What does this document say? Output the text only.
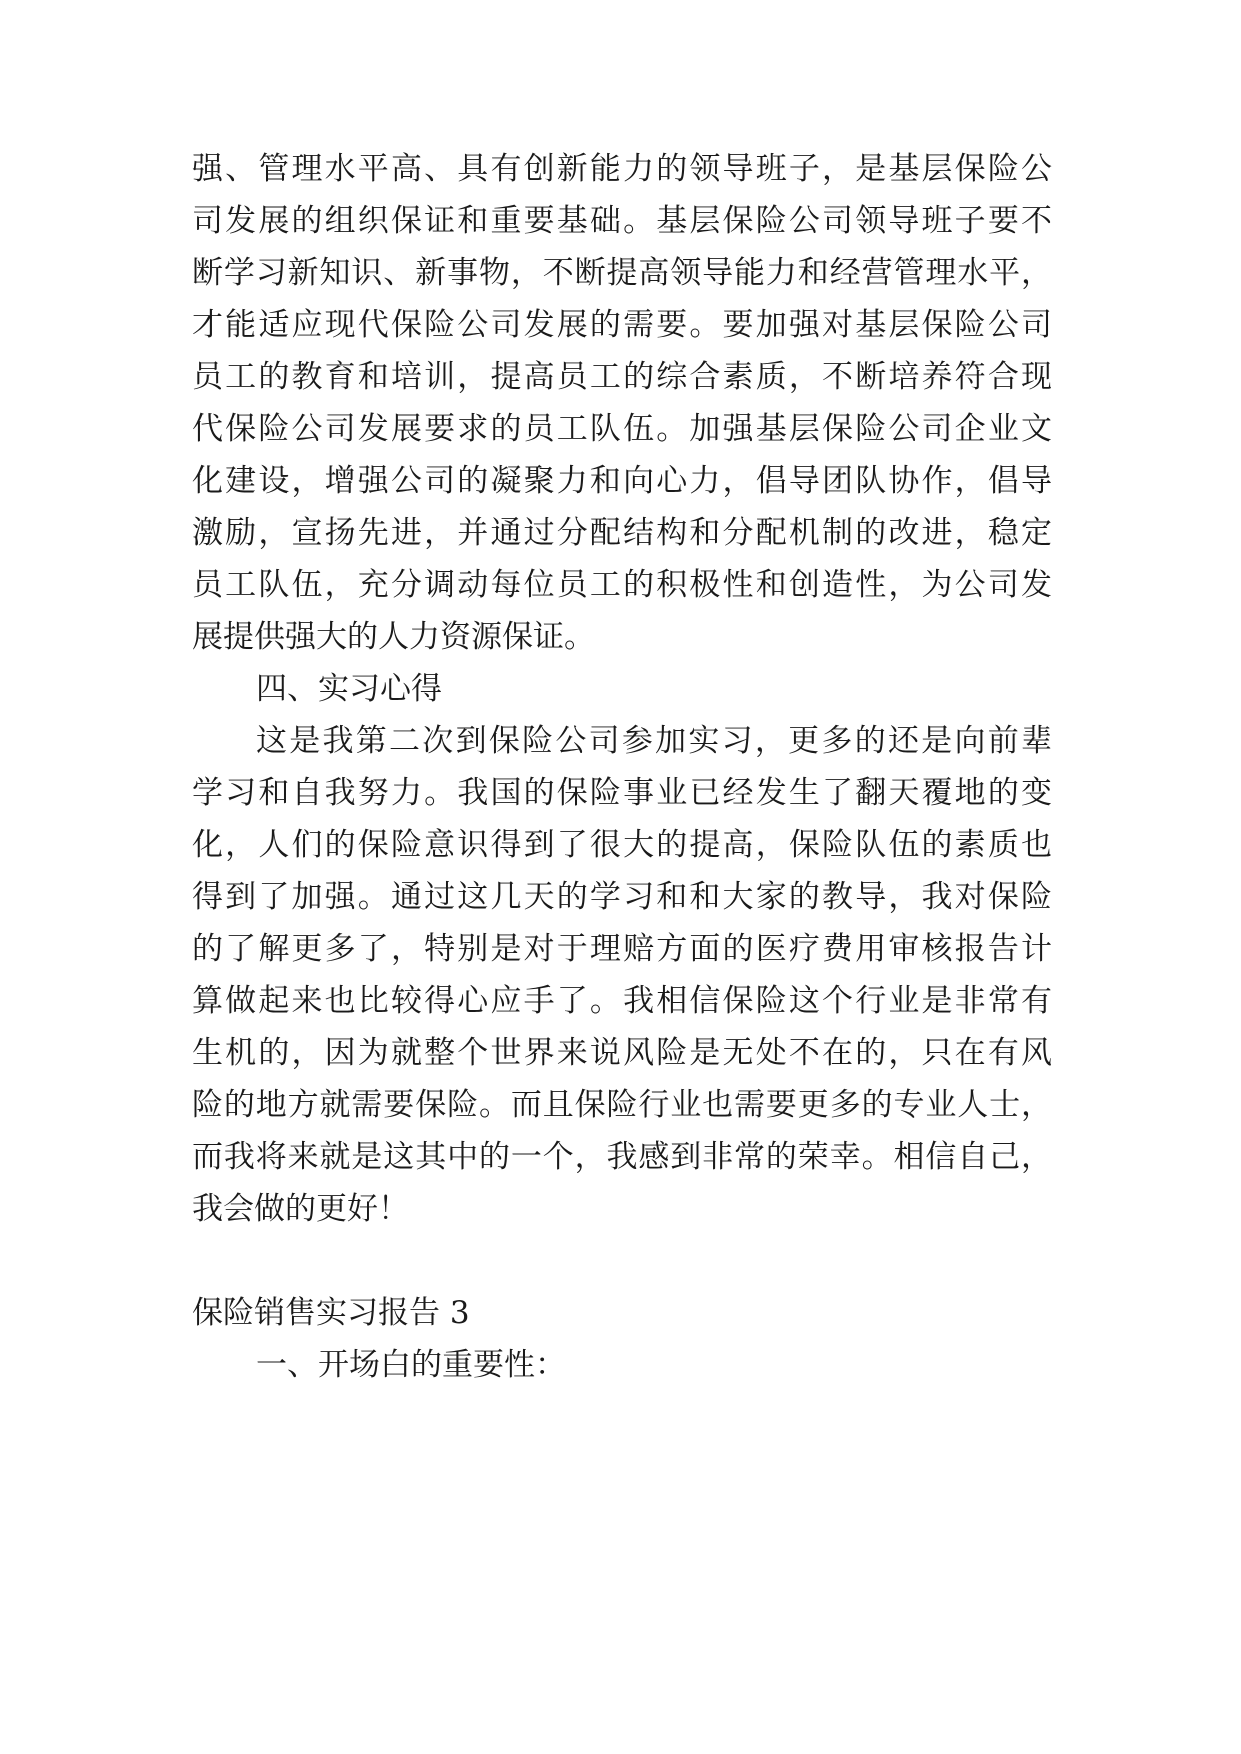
强、管理水平高、具有创新能力的领导班子，是基层保险公
司发展的组织保证和重要基础。基层保险公司领导班子要不
断学习新知识、新事物，不断提高领导能力和经营管理水平，
才能适应现代保险公司发展的需要。要加强对基层保险公司
员工的教育和培训，提高员工的综合素质，不断培养符合现
代保险公司发展要求的员工队伍。加强基层保险公司企业文
化建设，增强公司的凝聚力和向心力，倡导团队协作，倡导
激励，宣扬先进，并通过分配结构和分配机制的改进，稳定
员工队伍，充分调动每位员工的积极性和创造性，为公司发
展提供强大的人力资源保证。
四、实习心得
这是我第二次到保险公司参加实习，更多的还是向前辈
学习和自我努力。我国的保险事业已经发生了翻天覆地的变
化，人们的保险意识得到了很大的提高，保险队伍的素质也
得到了加强。通过这几天的学习和和大家的教导，我对保险
的了解更多了，特别是对于理赔方面的医疗费用审核报告计
算做起来也比较得心应手了。我相信保险这个行业是非常有
生机的，因为就整个世界来说风险是无处不在的，只在有风
险的地方就需要保险。而且保险行业也需要更多的专业人士，
而我将来就是这其中的一个，我感到非常的荣幸。相信自己，
我会做的更好！
保险销售实习报告 3
一、开场白的重要性：
